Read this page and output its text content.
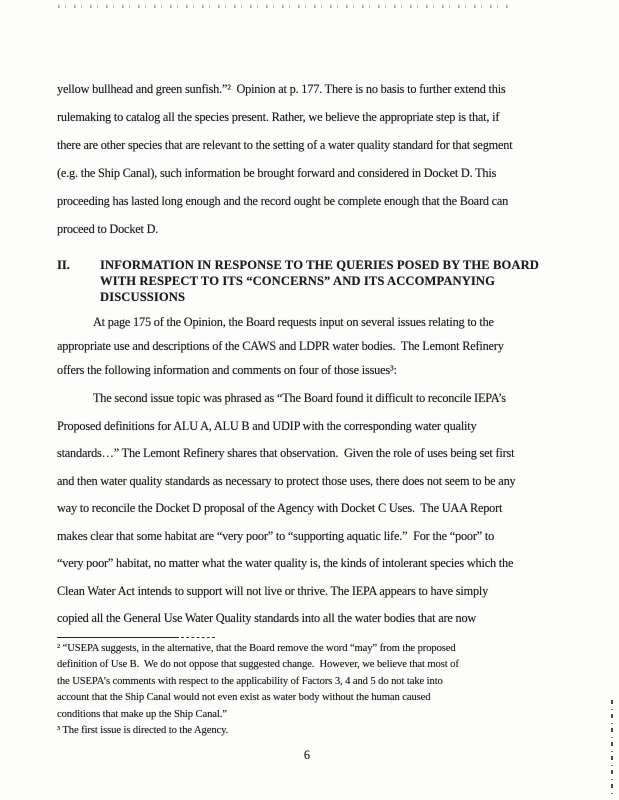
yellow bullhead and green sunfish.”²  Opinion at p. 177. There is no basis to further extend this
rulemaking to catalog all the species present. Rather, we believe the appropriate step is that, if
there are other species that are relevant to the setting of a water quality standard for that segment
(e.g. the Ship Canal), such information be brought forward and considered in Docket D. This
proceeding has lasted long enough and the record ought be complete enough that the Board can
proceed to Docket D.
II. INFORMATION IN RESPONSE TO THE QUERIES POSED BY THE BOARD
WITH RESPECT TO ITS “CONCERNS” AND ITS ACCOMPANYING
DISCUSSIONS
At page 175 of the Opinion, the Board requests input on several issues relating to the
appropriate use and descriptions of the CAWS and LDPR water bodies.  The Lemont Refinery
offers the following information and comments on four of those issues³:
The second issue topic was phrased as “The Board found it difficult to reconcile IEPA’s
Proposed definitions for ALU A, ALU B and UDIP with the corresponding water quality
standards…” The Lemont Refinery shares that observation.  Given the role of uses being set first
and then water quality standards as necessary to protect those uses, there does not seem to be any
way to reconcile the Docket D proposal of the Agency with Docket C Uses.  The UAA Report
makes clear that some habitat are “very poor” to “supporting aquatic life.”  For the “poor” to
“very poor” habitat, no matter what the water quality is, the kinds of intolerant species which the
Clean Water Act intends to support will not live or thrive. The IEPA appears to have simply
copied all the General Use Water Quality standards into all the water bodies that are now
² “USEPA suggests, in the alternative, that the Board remove the word “may” from the proposed
definition of Use B.  We do not oppose that suggested change.  However, we believe that most of
the USEPA’s comments with respect to the applicability of Factors 3, 4 and 5 do not take into
account that the Ship Canal would not even exist as water body without the human caused
conditions that make up the Ship Canal.”
³ The first issue is directed to the Agency.
6
